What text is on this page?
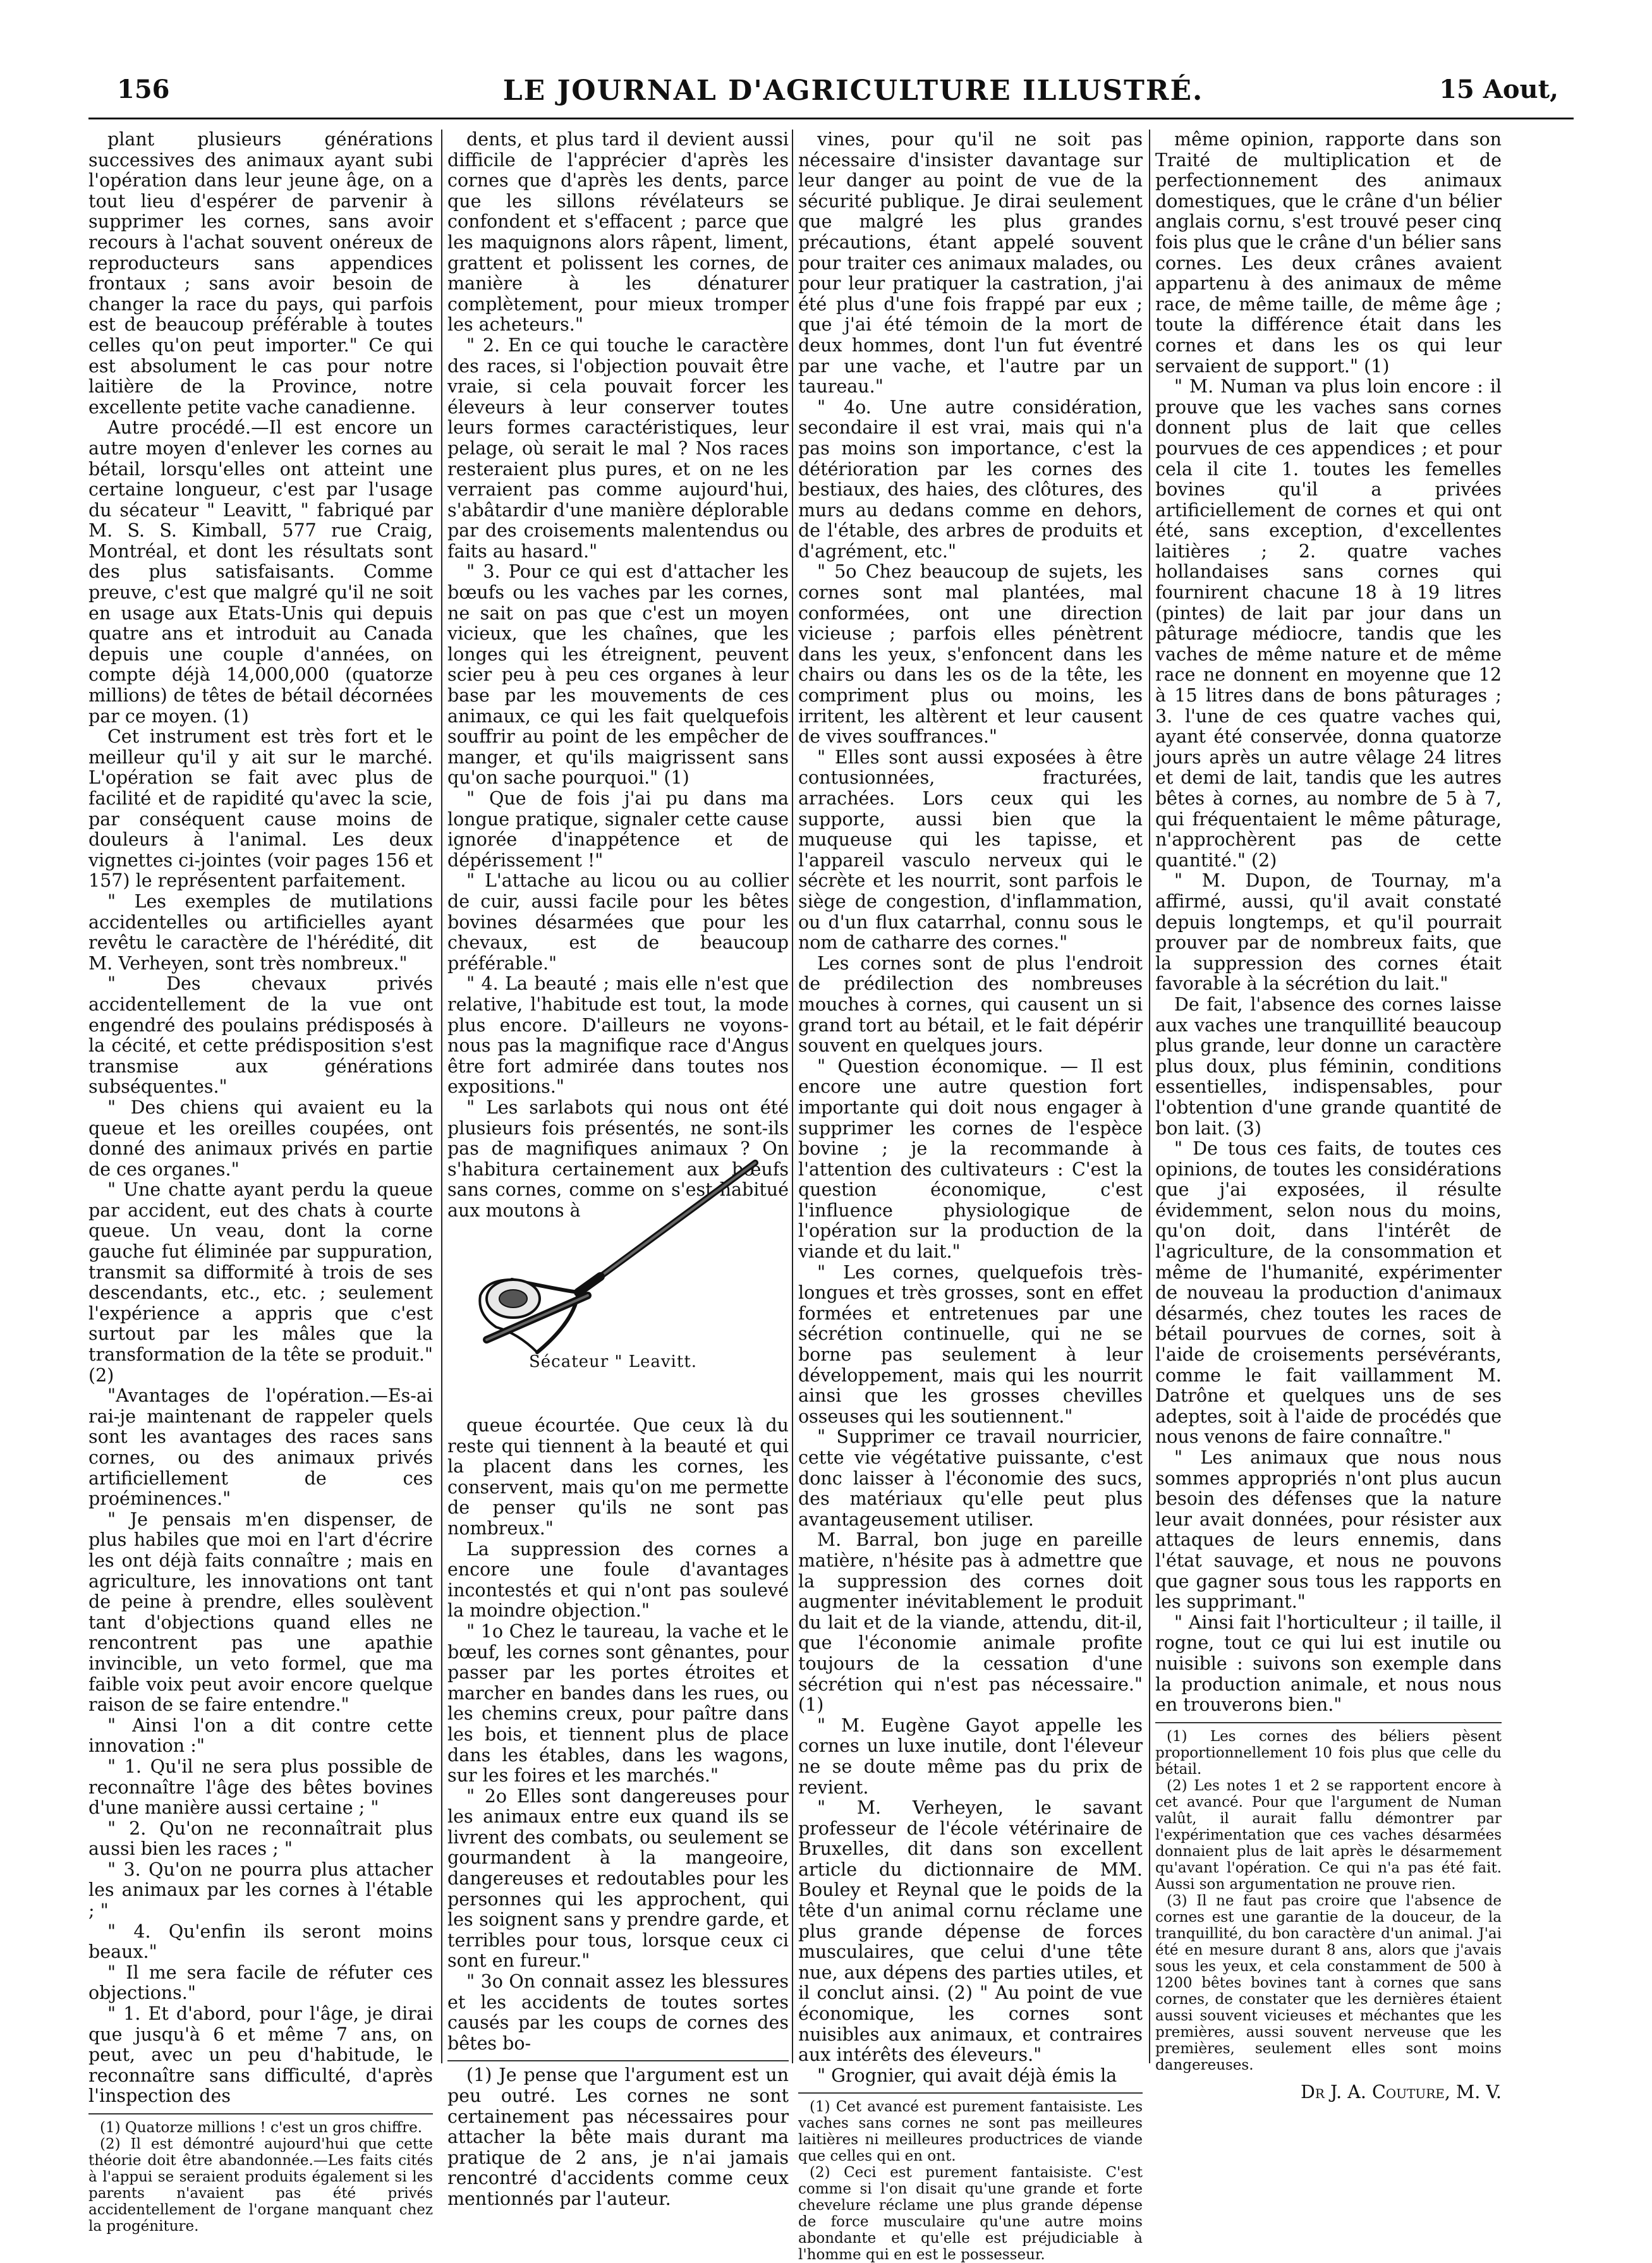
156	LE JOURNAL D'AGRICULTURE ILLUSTRÉ.	15 Aout,

plant plusieurs générations successives des animaux ayant subi l'opération dans leur jeune âge, on a tout lieu d'espérer de parvenir à supprimer les cornes, sans avoir recours à l'achat souvent onéreux de reproducteurs sans appendices frontaux ; sans avoir besoin de changer la race du pays, qui parfois est de beaucoup préférable à toutes celles qu'on peut importer." Ce qui est absolument le cas pour notre laitière de la Province, notre excellente petite vache canadienne.

Autre procédé.—Il est encore un autre moyen d'enlever les cornes au bétail, lorsqu'elles ont atteint une certaine longueur, c'est par l'usage du sécateur " Leavitt, " fabriqué par M. S. S. Kimball, 577 rue Craig, Montréal, et dont les résultats sont des plus satisfaisants. Comme preuve, c'est que malgré qu'il ne soit en usage aux Etats-Unis qui depuis quatre ans et introduit au Canada depuis une couple d'années, on compte déjà 14,000,000 (quatorze millions) de têtes de bétail décornées par ce moyen. (1)

Cet instrument est très fort et le meilleur qu'il y ait sur le marché. L'opération se fait avec plus de facilité et de rapidité qu'avec la scie, par conséquent cause moins de douleurs à l'animal. Les deux vignettes ci-jointes (voir pages 156 et 157) le représentent parfaitement.

" Les exemples de mutilations accidentelles ou artificielles ayant revêtu le caractère de l'hérédité, dit M. Verheyen, sont très nombreux."

" Des chevaux privés accidentellement de la vue ont engendré des poulains prédisposés à la cécité, et cette prédisposition s'est transmise aux générations subséquentes."

" Des chiens qui avaient eu la queue et les oreilles coupées, ont donné des animaux privés en partie de ces organes."

" Une chatte ayant perdu la queue par accident, eut des chats à courte queue. Un veau, dont la corne gauche fut éliminée par suppuration, transmit sa difformité à trois de ses descendants, etc., etc. ; seulement l'expérience a appris que c'est surtout par les mâles que la transformation de la tête se produit." (2)

"Avantages de l'opération.—Es-ai rai-je maintenant de rappeler quels sont les avantages des races sans cornes, ou des animaux privés artificiellement de ces proéminences."

" Je pensais m'en dispenser, de plus habiles que moi en l'art d'écrire les ont déjà faits connaître ; mais en agriculture, les innovations ont tant de peine à prendre, elles soulèvent tant d'objections quand elles ne rencontrent pas une apathie invincible, un veto formel, que ma faible voix peut avoir encore quelque raison de se faire entendre."

" Ainsi l'on a dit contre cette innovation :"

" 1. Qu'il ne sera plus possible de reconnaître l'âge des bêtes bovines d'une manière aussi certaine ; "

" 2. Qu'on ne reconnaîtrait plus aussi bien les races ; "

" 3. Qu'on ne pourra plus attacher les animaux par les cornes à l'étable ; "

" 4. Qu'enfin ils seront moins beaux."

" Il me sera facile de réfuter ces objections."

" 1. Et d'abord, pour l'âge, je dirai que jusqu'à 6 et même 7 ans, on peut, avec un peu d'habitude, le reconnaître sans difficulté, d'après l'inspection des

(1) Quatorze millions ! c'est un gros chiffre.

(2) Il est démontré aujourd'hui que cette théorie doit être abandonnée.—Les faits cités à l'appui se seraient produits également si les parents n'avaient pas été privés accidentellement de l'organe manquant chez la progéniture.

dents, et plus tard il devient aussi difficile de l'apprécier d'après les cornes que d'après les dents, parce que les sillons révélateurs se confondent et s'effacent ; parce que les maquignons alors râpent, liment, grattent et polissent les cornes, de manière à les dénaturer complètement, pour mieux tromper les acheteurs."

" 2. En ce qui touche le caractère des races, si l'objection pouvait être vraie, si cela pouvait forcer les éleveurs à leur conserver toutes leurs formes caractéristiques, leur pelage, où serait le mal ? Nos races resteraient plus pures, et on ne les verraient pas comme aujourd'hui, s'abâtardir d'une manière déplorable par des croisements malentendus ou faits au hasard."

" 3. Pour ce qui est d'attacher les bœufs ou les vaches par les cornes, ne sait on pas que c'est un moyen vicieux, que les chaînes, que les longes qui les étreignent, peuvent scier peu à peu ces organes à leur base par les mouvements de ces animaux, ce qui les fait quelquefois souffrir au point de les empêcher de manger, et qu'ils maigrissent sans qu'on sache pourquoi." (1)

" Que de fois j'ai pu dans ma longue pratique, signaler cette cause ignorée d'inappétence et de dépérissement !"

" L'attache au licou ou au collier de cuir, aussi facile pour les bêtes bovines désarmées que pour les chevaux, est de beaucoup préférable."

" 4. La beauté ; mais elle n'est que relative, l'habitude est tout, la mode plus encore. D'ailleurs ne voyons-nous pas la magnifique race d'Angus être fort admirée dans toutes nos expositions."

" Les sarlabots qui nous ont été plusieurs fois présentés, ne sont-ils pas de magnifiques animaux ? On s'habitura certainement aux bœufs sans cornes, comme on s'est habitué aux moutons à

Sécateur " Leavitt.

queue écourtée. Que ceux là du reste qui tiennent à la beauté et qui la placent dans les cornes, les conservent, mais qu'on me permette de penser qu'ils ne sont pas nombreux."

La suppression des cornes a encore une foule d'avantages incontestés et qui n'ont pas soulevé la moindre objection."

" 1o Chez le taureau, la vache et le bœuf, les cornes sont gênantes, pour passer par les portes étroites et marcher en bandes dans les rues, ou les chemins creux, pour paître dans les bois, et tiennent plus de place dans les étables, dans les wagons, sur les foires et les marchés."

" 2o Elles sont dangereuses pour les animaux entre eux quand ils se livrent des combats, ou seulement se gourmandent à la mangeoire, dangereuses et redoutables pour les personnes qui les approchent, qui les soignent sans y prendre garde, et terribles pour tous, lorsque ceux ci sont en fureur."

" 3o On connait assez les blessures et les accidents de toutes sortes causés par les coups de cornes des bêtes bo-

(1) Je pense que l'argument est un peu outré. Les cornes ne sont certainement pas nécessaires pour attacher la bête mais durant ma pratique de 2 ans, je n'ai jamais rencontré d'accidents comme ceux mentionnés par l'auteur.

vines, pour qu'il ne soit pas nécessaire d'insister davantage sur leur danger au point de vue de la sécurité publique. Je dirai seulement que malgré les plus grandes précautions, étant appelé souvent pour traiter ces animaux malades, ou pour leur pratiquer la castration, j'ai été plus d'une fois frappé par eux ; que j'ai été témoin de la mort de deux hommes, dont l'un fut éventré par une vache, et l'autre par un taureau."

" 4o. Une autre considération, secondaire il est vrai, mais qui n'a pas moins son importance, c'est la détérioration par les cornes des bestiaux, des haies, des clôtures, des murs au dedans comme en dehors, de l'étable, des arbres de produits et d'agrément, etc."

" 5o Chez beaucoup de sujets, les cornes sont mal plantées, mal conformées, ont une direction vicieuse ; parfois elles pénètrent dans les yeux, s'enfoncent dans les chairs ou dans les os de la tête, les compriment plus ou moins, les irritent, les altèrent et leur causent de vives souffrances."

" Elles sont aussi exposées à être contusionnées, fracturées, arrachées. Lors ceux qui les supporte, aussi bien que la muqueuse qui les tapisse, et l'appareil vasculo nerveux qui le sécrète et les nourrit, sont parfois le siège de congestion, d'inflammation, ou d'un flux catarrhal, connu sous le nom de catharre des cornes."

Les cornes sont de plus l'endroit de prédilection des nombreuses mouches à cornes, qui causent un si grand tort au bétail, et le fait dépérir souvent en quelques jours.

" Question économique. — Il est encore une autre question fort importante qui doit nous engager à supprimer les cornes de l'espèce bovine ; je la recommande à l'attention des cultivateurs : C'est la question économique, c'est l'influence physiologique de l'opération sur la production de la viande et du lait."

" Les cornes, quelquefois très-longues et très grosses, sont en effet formées et entretenues par une sécrétion continuelle, qui ne se borne pas seulement à leur développement, mais qui les nourrit ainsi que les grosses chevilles osseuses qui les soutiennent."

" Supprimer ce travail nourricier, cette vie végétative puissante, c'est donc laisser à l'économie des sucs, des matériaux qu'elle peut plus avantageusement utiliser.

M. Barral, bon juge en pareille matière, n'hésite pas à admettre que la suppression des cornes doit augmenter inévitablement le produit du lait et de la viande, attendu, dit-il, que l'économie animale profite toujours de la cessation d'une sécrétion qui n'est pas nécessaire." (1)

" M. Eugène Gayot appelle les cornes un luxe inutile, dont l'éleveur ne se doute même pas du prix de revient.

" M. Verheyen, le savant professeur de l'école vétérinaire de Bruxelles, dit dans son excellent article du dictionnaire de MM. Bouley et Reynal que le poids de la tête d'un animal cornu réclame une plus grande dépense de forces musculaires, que celui d'une tête nue, aux dépens des parties utiles, et il conclut ainsi. (2) " Au point de vue économique, les cornes sont nuisibles aux animaux, et contraires aux intérêts des éleveurs."

" Grognier, qui avait déjà émis la

(1) Cet avancé est purement fantaisiste. Les vaches sans cornes ne sont pas meilleures laitières ni meilleures productrices de viande que celles qui en ont.

(2) Ceci est purement fantaisiste. C'est comme si l'on disait qu'une grande et forte chevelure réclame une plus grande dépense de force musculaire qu'une autre moins abondante et qu'elle est préjudiciable à l'homme qui en est le possesseur.

même opinion, rapporte dans son Traité de multiplication et de perfectionnement des animaux domestiques, que le crâne d'un bélier anglais cornu, s'est trouvé peser cinq fois plus que le crâne d'un bélier sans cornes. Les deux crânes avaient appartenu à des animaux de même race, de même taille, de même âge ; toute la différence était dans les cornes et dans les os qui leur servaient de support." (1)

" M. Numan va plus loin encore : il prouve que les vaches sans cornes donnent plus de lait que celles pourvues de ces appendices ; et pour cela il cite 1. toutes les femelles bovines qu'il a privées artificiellement de cornes et qui ont été, sans exception, d'excellentes laitières ; 2. quatre vaches hollandaises sans cornes qui fournirent chacune 18 à 19 litres (pintes) de lait par jour dans un pâturage médiocre, tandis que les vaches de même nature et de même race ne donnent en moyenne que 12 à 15 litres dans de bons pâturages ; 3. l'une de ces quatre vaches qui, ayant été conservée, donna quatorze jours après un autre vêlage 24 litres et demi de lait, tandis que les autres bêtes à cornes, au nombre de 5 à 7, qui fréquentaient le même pâturage, n'approchèrent pas de cette quantité." (2)

" M. Dupon, de Tournay, m'a affirmé, aussi, qu'il avait constaté depuis longtemps, et qu'il pourrait prouver par de nombreux faits, que la suppression des cornes était favorable à la sécrétion du lait."

De fait, l'absence des cornes laisse aux vaches une tranquillité beaucoup plus grande, leur donne un caractère plus doux, plus féminin, conditions essentielles, indispensables, pour l'obtention d'une grande quantité de bon lait. (3)

" De tous ces faits, de toutes ces opinions, de toutes les considérations que j'ai exposées, il résulte évidemment, selon nous du moins, qu'on doit, dans l'intérêt de l'agriculture, de la consommation et même de l'humanité, expérimenter de nouveau la production d'animaux désarmés, chez toutes les races de bétail pourvues de cornes, soit à l'aide de croisements persévérants, comme le fait vaillamment M. Datrône et quelques uns de ses adeptes, soit à l'aide de procédés que nous venons de faire connaître."

" Les animaux que nous nous sommes appropriés n'ont plus aucun besoin des défenses que la nature leur avait données, pour résister aux attaques de leurs ennemis, dans l'état sauvage, et nous ne pouvons que gagner sous tous les rapports en les supprimant."

" Ainsi fait l'horticulteur ; il taille, il rogne, tout ce qui lui est inutile ou nuisible : suivons son exemple dans la production animale, et nous nous en trouverons bien."

(1) Les cornes des béliers pèsent proportionnellement 10 fois plus que celle du bétail.

(2) Les notes 1 et 2 se rapportent encore à cet avancé. Pour que l'argument de Numan valût, il aurait fallu démontrer par l'expérimentation que ces vaches désarmées donnaient plus de lait après le désarmement qu'avant l'opération. Ce qui n'a pas été fait. Aussi son argumentation ne prouve rien.

(3) Il ne faut pas croire que l'absence de cornes est une garantie de la douceur, de la tranquillité, du bon caractère d'un animal. J'ai été en mesure durant 8 ans, alors que j'avais sous les yeux, et cela constamment de 500 à 1200 bêtes bovines tant à cornes que sans cornes, de constater que les dernières étaient aussi souvent vicieuses et méchantes que les premières, aussi souvent nerveuse que les premières, seulement elles sont moins dangereuses.

Dr J. A. Couture, M. V.
